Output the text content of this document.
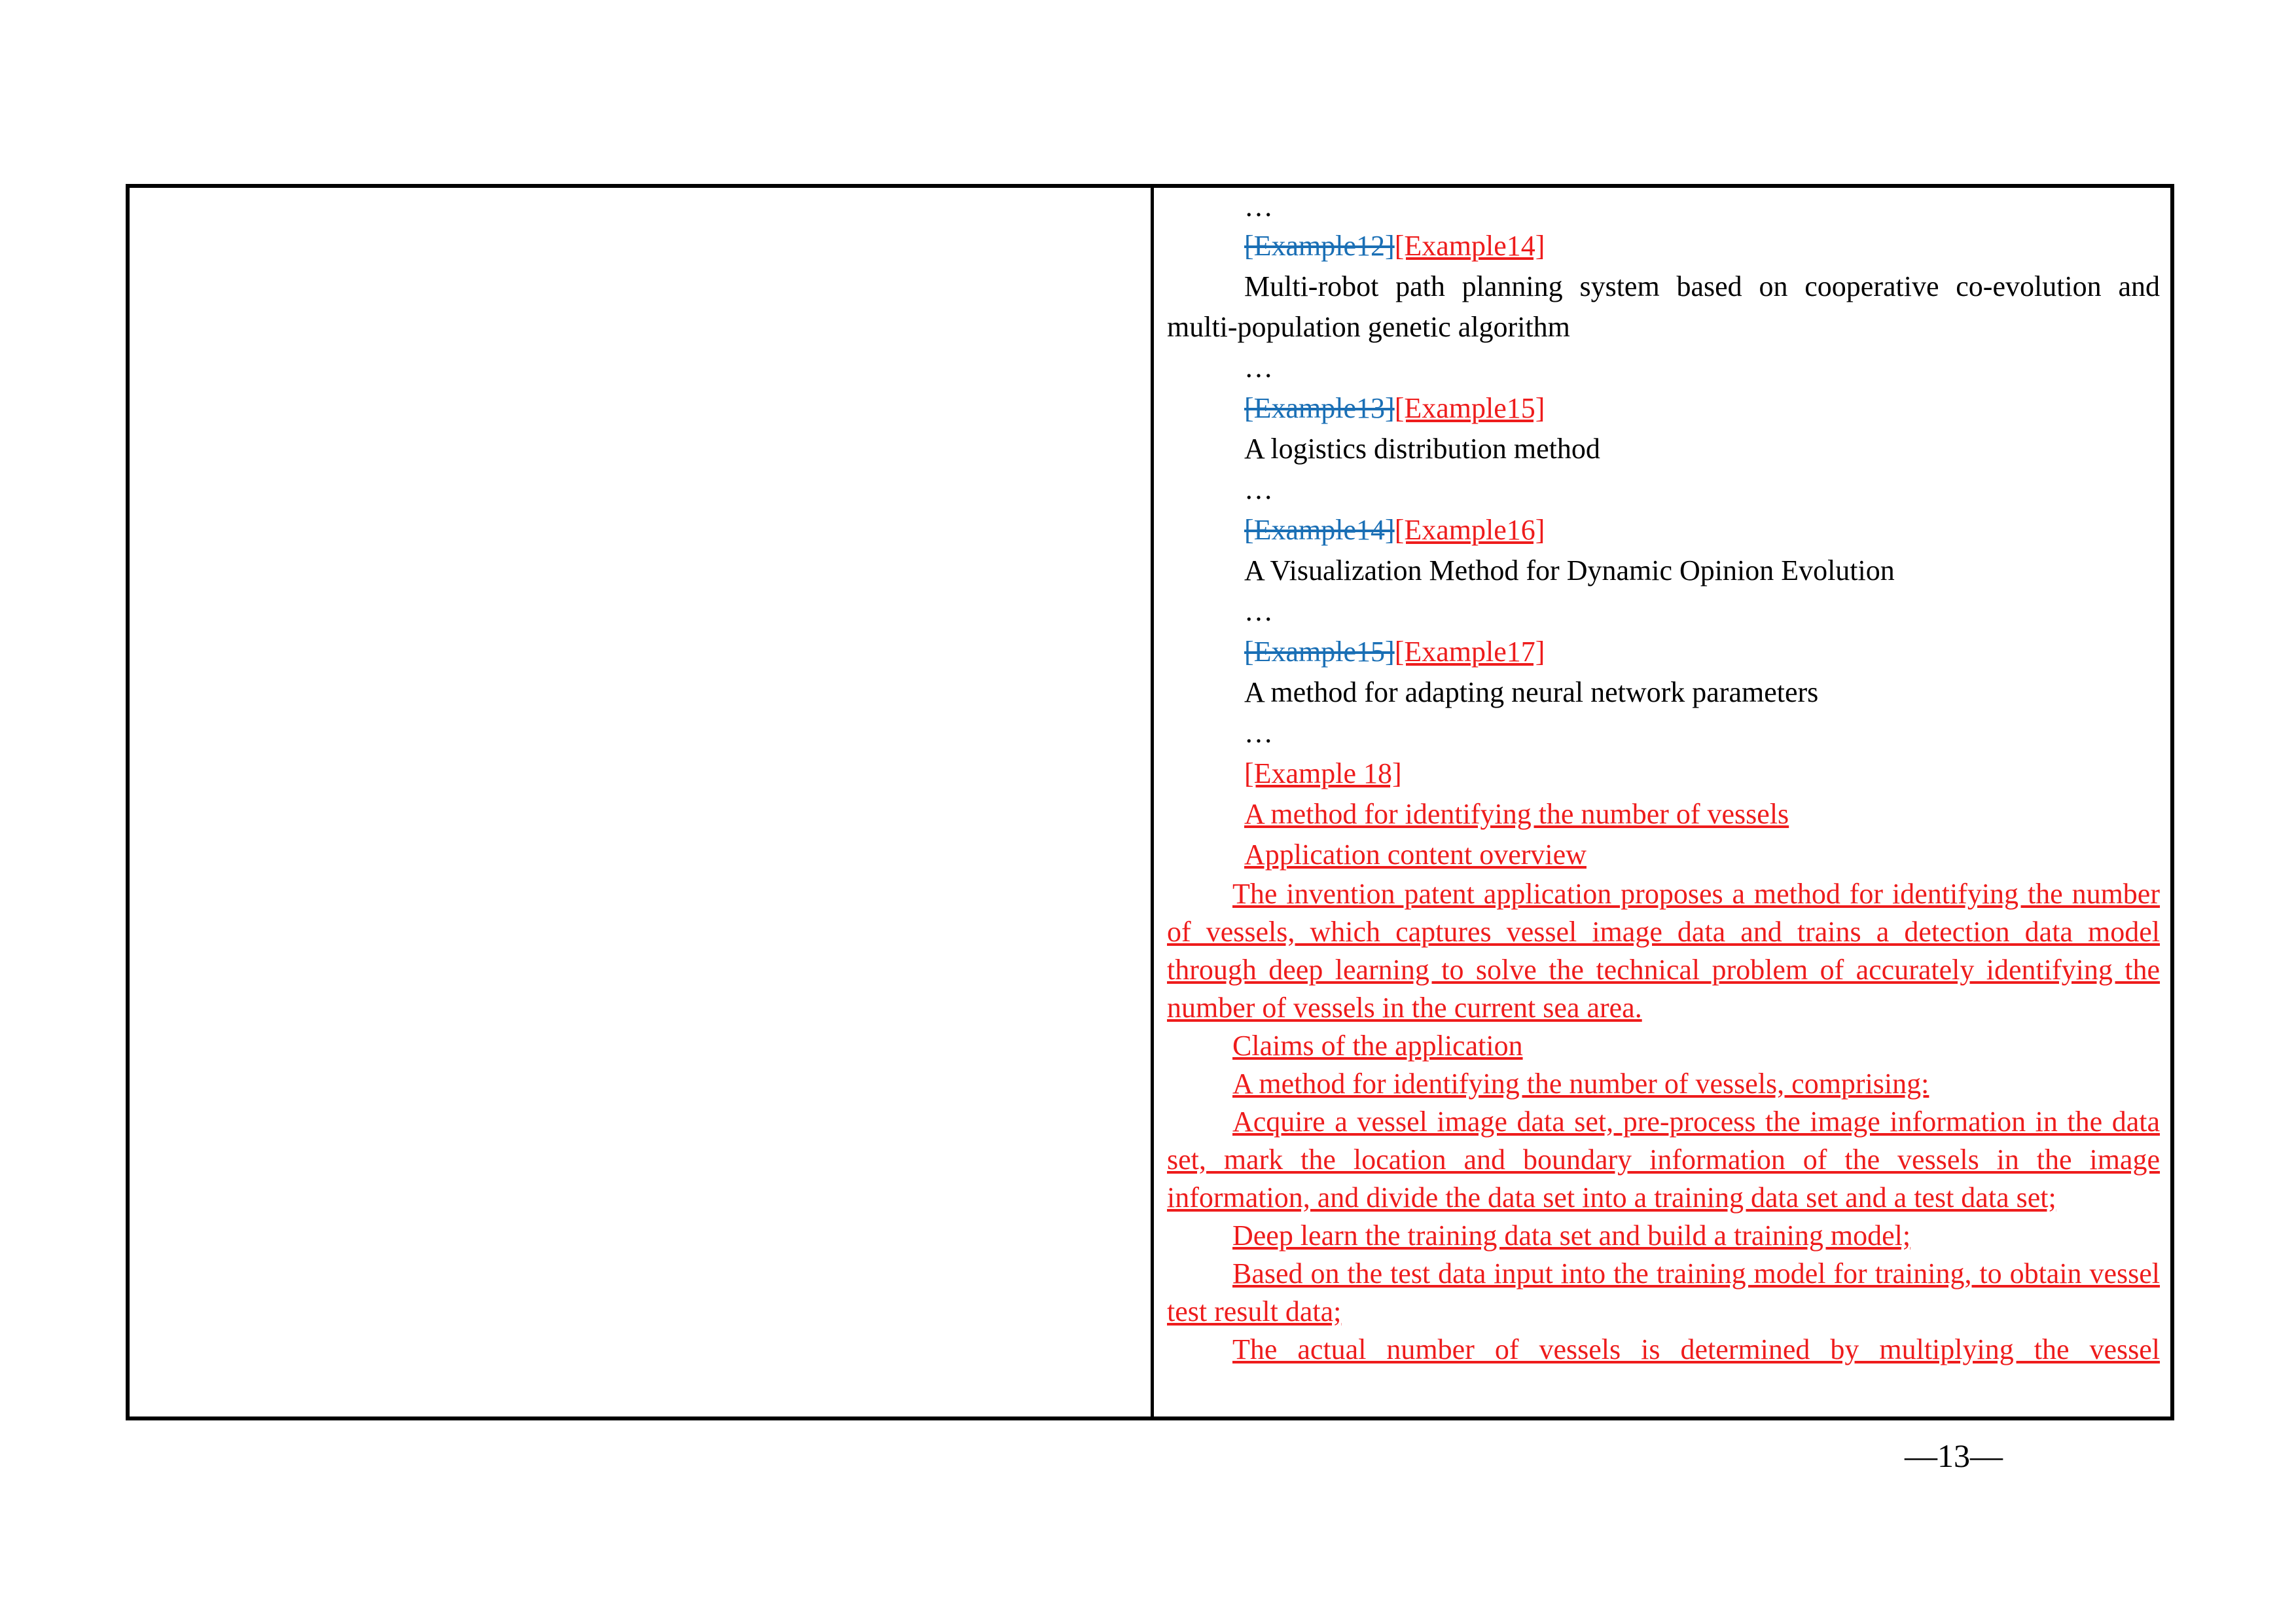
…
[Example12][Example14]
Multi-robot path planning system based on cooperative co-evolution and multi-population genetic algorithm
…
[Example13][Example15]
A logistics distribution method
…
[Example14][Example16]
A Visualization Method for Dynamic Opinion Evolution
…
[Example15][Example17]
A method for adapting neural network parameters
…
[Example 18]
A method for identifying the number of vessels
Application content overview

The invention patent application proposes a method for identifying the number of vessels, which captures vessel image data and trains a detection data model through deep learning to solve the technical problem of accurately identifying the number of vessels in the current sea area.

Claims of the application

A method for identifying the number of vessels, comprising:

Acquire a vessel image data set, pre-process the image information in the data set, mark the location and boundary information of the vessels in the image information, and divide the data set into a training data set and a test data set;

Deep learn the training data set and build a training model;

Based on the test data input into the training model for training, to obtain vessel test result data;

The actual number of vessels is determined by multiplying the vessel

—13—
